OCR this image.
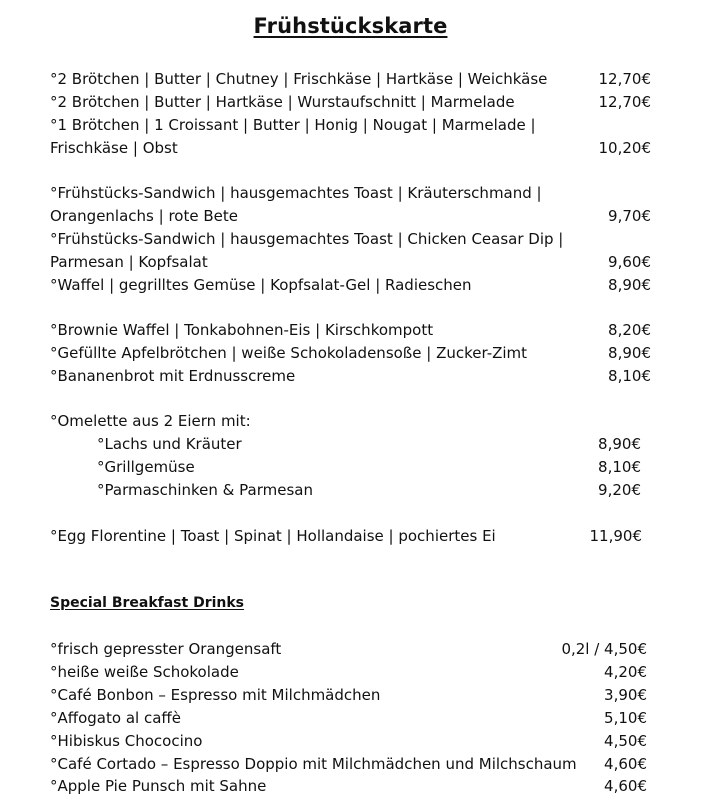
Frühstückskarte
°2 Brötchen | Butter | Chutney | Frischkäse | Hartkäse | Weichkäse	12,70€
°2 Brötchen | Butter | Hartkäse | Wurstaufschnitt | Marmelade	12,70€
°1 Brötchen | 1 Croissant | Butter | Honig | Nougat | Marmelade |
Frischkäse | Obst	10,20€
°Frühstücks-Sandwich | hausgemachtes Toast | Kräuterschmand |
Orangenlachs | rote Bete	9,70€
°Frühstücks-Sandwich | hausgemachtes Toast | Chicken Ceasar Dip |
Parmesan | Kopfsalat	9,60€
°Waffel | gegrilltes Gemüse | Kopfsalat-Gel | Radieschen	8,90€
°Brownie Waffel | Tonkabohnen-Eis | Kirschkompott	8,20€
°Gefüllte Apfelbrötchen | weiße Schokoladensoße | Zucker-Zimt	8,90€
°Bananenbrot mit Erdnusscreme	8,10€
°Omelette aus 2 Eiern mit:
°Lachs und Kräuter	8,90€
°Grillgemüse	8,10€
°Parmaschinken & Parmesan	9,20€
°Egg Florentine | Toast | Spinat | Hollandaise | pochiertes Ei	11,90€
Special Breakfast Drinks
°frisch gepresster Orangensaft	0,2l / 4,50€
°heiße weiße Schokolade	4,20€
°Café Bonbon – Espresso mit Milchmädchen	3,90€
°Affogato al caffè	5,10€
°Hibiskus Chococino	4,50€
°Café Cortado – Espresso Doppio mit Milchmädchen und Milchschaum 4,60€
°Apple Pie Punsch mit Sahne	4,60€
